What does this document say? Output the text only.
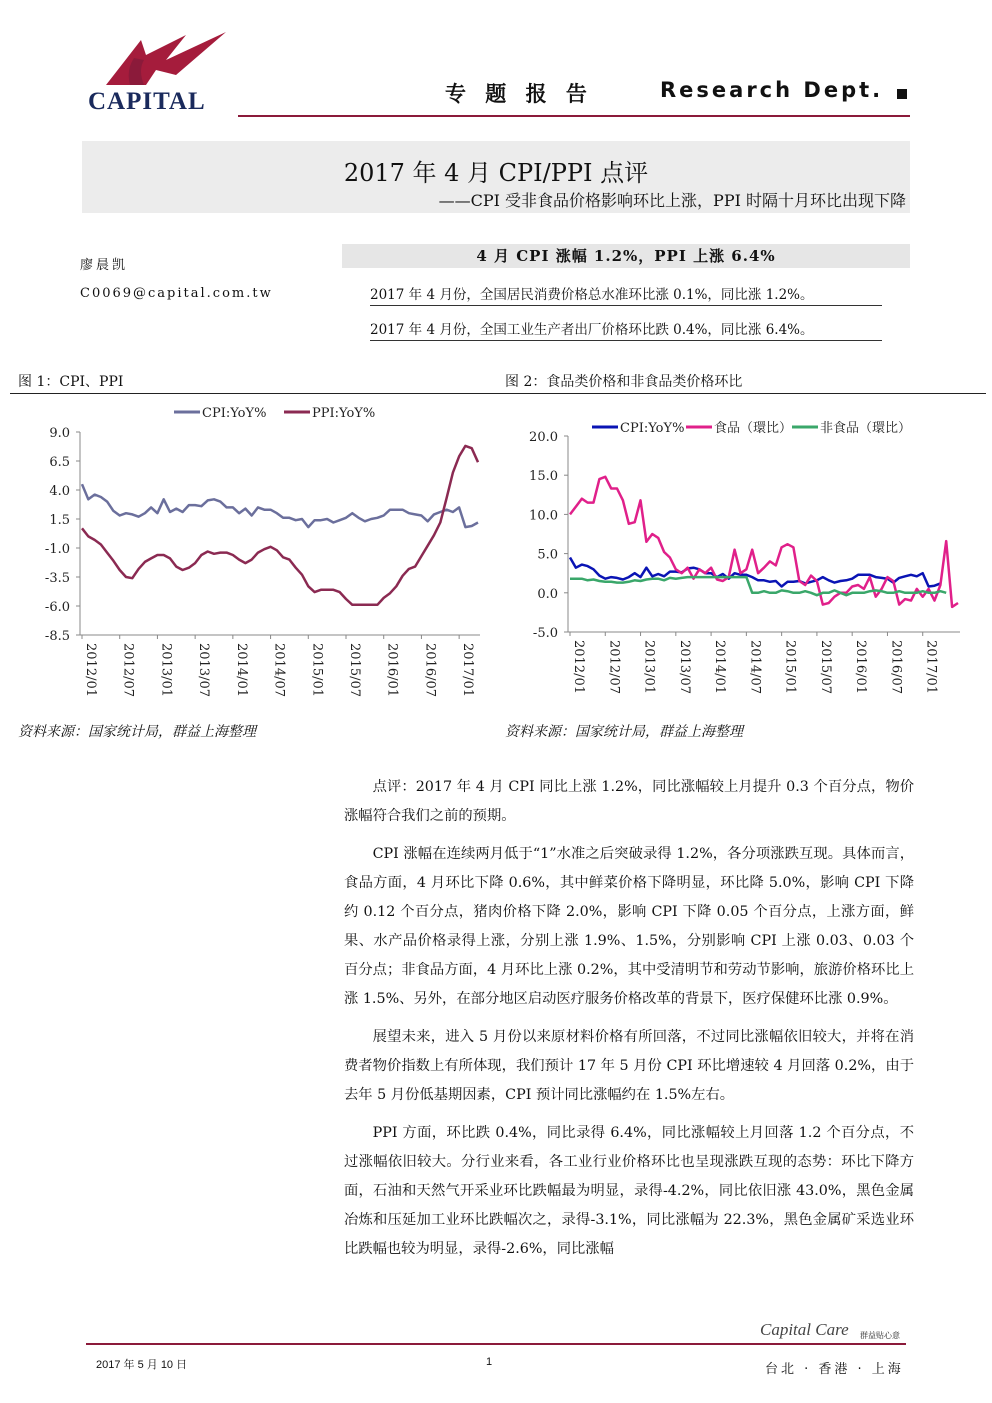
CAPITAL	专 题 报 告	Research Dept.
2017 年 4 月 CPI/PPI 点评
——CPI 受非食品价格影响环比上涨，PPI 时隔十月环比出现下降
廖晨凯
C0069@capital.com.tw
4 月 CPI 涨幅 1.2%，PPI 上涨 6.4%
2017 年 4 月份，全国居民消费价格总水准环比涨 0.1%，同比涨 1.2%。
2017 年 4 月份，全国工业生产者出厂价格环比跌 0.4%，同比涨 6.4%。
图 1：CPI、PPI	图 2：食品类价格和非食品类价格环比
9.0
6.5
4.0
1.5
-1.0
-3.5
-6.0
-8.5
2012/01 2012/07 2013/01 2013/07 2014/01 2014/07 2015/01 2015/07 2016/01 2016/07 2017/01
CPI:YoY%	PPI:YoY%
20.0
15.0
10.0
5.0
0.0
-5.0
2012/01 2012/07 2013/01 2013/07 2014/01 2014/07 2015/01 2015/07 2016/01 2016/07 2017/01
CPI:YoY% 食品（環比） 非食品（環比）
资料来源：国家统计局，群益上海整理	资料来源：国家统计局，群益上海整理

点评：2017 年 4 月 CPI 同比上涨 1.2%，同比涨幅较上月提升 0.3 个百分点，物价涨幅符合我们之前的预期。

CPI 涨幅在连续两月低于“1”水准之后突破录得 1.2%，各分项涨跌互现。具体而言，食品方面，4 月环比下降 0.6%，其中鲜菜价格下降明显，环比降 5.0%，影响 CPI 下降约 0.12 个百分点，猪肉价格下降 2.0%，影响 CPI 下降 0.05 个百分点，上涨方面，鲜果、水产品价格录得上涨，分别上涨 1.9%、1.5%，分别影响 CPI 上涨 0.03、0.03 个百分点；非食品方面，4 月环比上涨 0.2%，其中受清明节和劳动节影响，旅游价格环比上涨 1.5%、另外，在部分地区启动医疗服务价格改革的背景下，医疗保健环比涨 0.9%。

展望未来，进入 5 月份以来原材料价格有所回落，不过同比涨幅依旧较大，并将在消费者物价指数上有所体现，我们预计 17 年 5 月份 CPI 环比增速较 4 月回落 0.2%，由于去年 5 月份低基期因素，CPI 预计同比涨幅约在 1.5%左右。

PPI 方面，环比跌 0.4%，同比录得 6.4%，同比涨幅较上月回落 1.2 个百分点，不过涨幅依旧较大。分行业来看，各工业行业价格环比也呈现涨跌互现的态势：环比下降方面，石油和天然气开采业环比跌幅最为明显，录得-4.2%，同比依旧涨 43.0%，黑色金属冶炼和压延加工业环比跌幅次之，录得-3.1%，同比涨幅为 22.3%，黑色金属矿采选业环比跌幅也较为明显，录得-2.6%，同比涨幅

Capital Care 群益贴心意
2017 年 5 月 10 日	1	台北 · 香港 · 上海
